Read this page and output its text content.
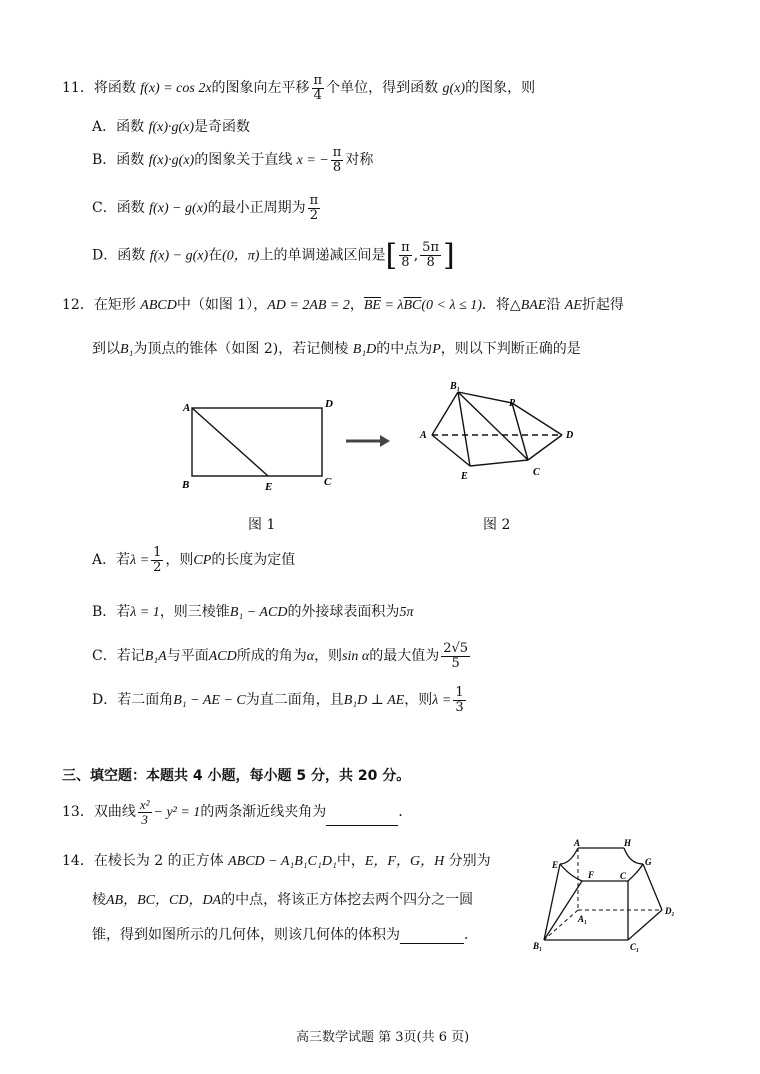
11．将函数 f(x) = cos 2x的图象向左平移 $\frac{\pi}{4}$ 个单位，得到函数 g(x)的图象，则
A．函数 f(x)·g(x)是奇函数
B．函数 f(x)·g(x)的图象关于直线 x = − $\frac{\pi}{8}$ 对称
C．函数 f(x) − g(x)的最小正周期为 $\frac{\pi}{2}$
D．函数 f(x) − g(x)在(0，π)上的单调递减区间是[ $\frac{\pi}{8}$ , $\frac{5\pi}{8}$ ]
12．在矩形 ABCD中（如图 1），AD = 2AB = 2，$\overline{BE} = \lambda\overline{BC}(0 < \lambda \le 1)$．将△BAE沿 AE折起得
到以B₁为顶点的锥体（如图 2)，若记侧棱 B₁D的中点为P，则以下判断正确的是
A	D
B	E	C
B₁
P
A	D
E	C
图 1	图 2
A．若$\lambda = \frac{1}{2}$ ，则CP的长度为定值
B．若λ = 1，则三棱锥B₁ − ACD的外接球表面积为5π
C．若记B₁A与平面ACD所成的角为α，则sin α的最大值为 $\frac{2√5}{5}$
D．若二面角B₁ − AE − C为直二面角，且B₁D ⊥ AE，则$\lambda = \frac{1}{3}$
三、填空题：本题共 4 小题，每小题 5 分，共 20 分。
13．双曲线 $\frac{\text{x²}}{3} - y^2 = 1$的两条渐近线夹角为	．
14．在棱长为 2 的正方体 ABCD − A₁B₁C₁D₁中，E，F，G，H 分别为
棱AB，BC，CD，DA的中点，将该正方体挖去两个四分之一圆
锥，得到如图所示的几何体，则该几何体的体积为	．
E
A	H
G
F	C
A₁
D₁
B₁	C₁
高三数学试题 第 3页(共 6 页)
